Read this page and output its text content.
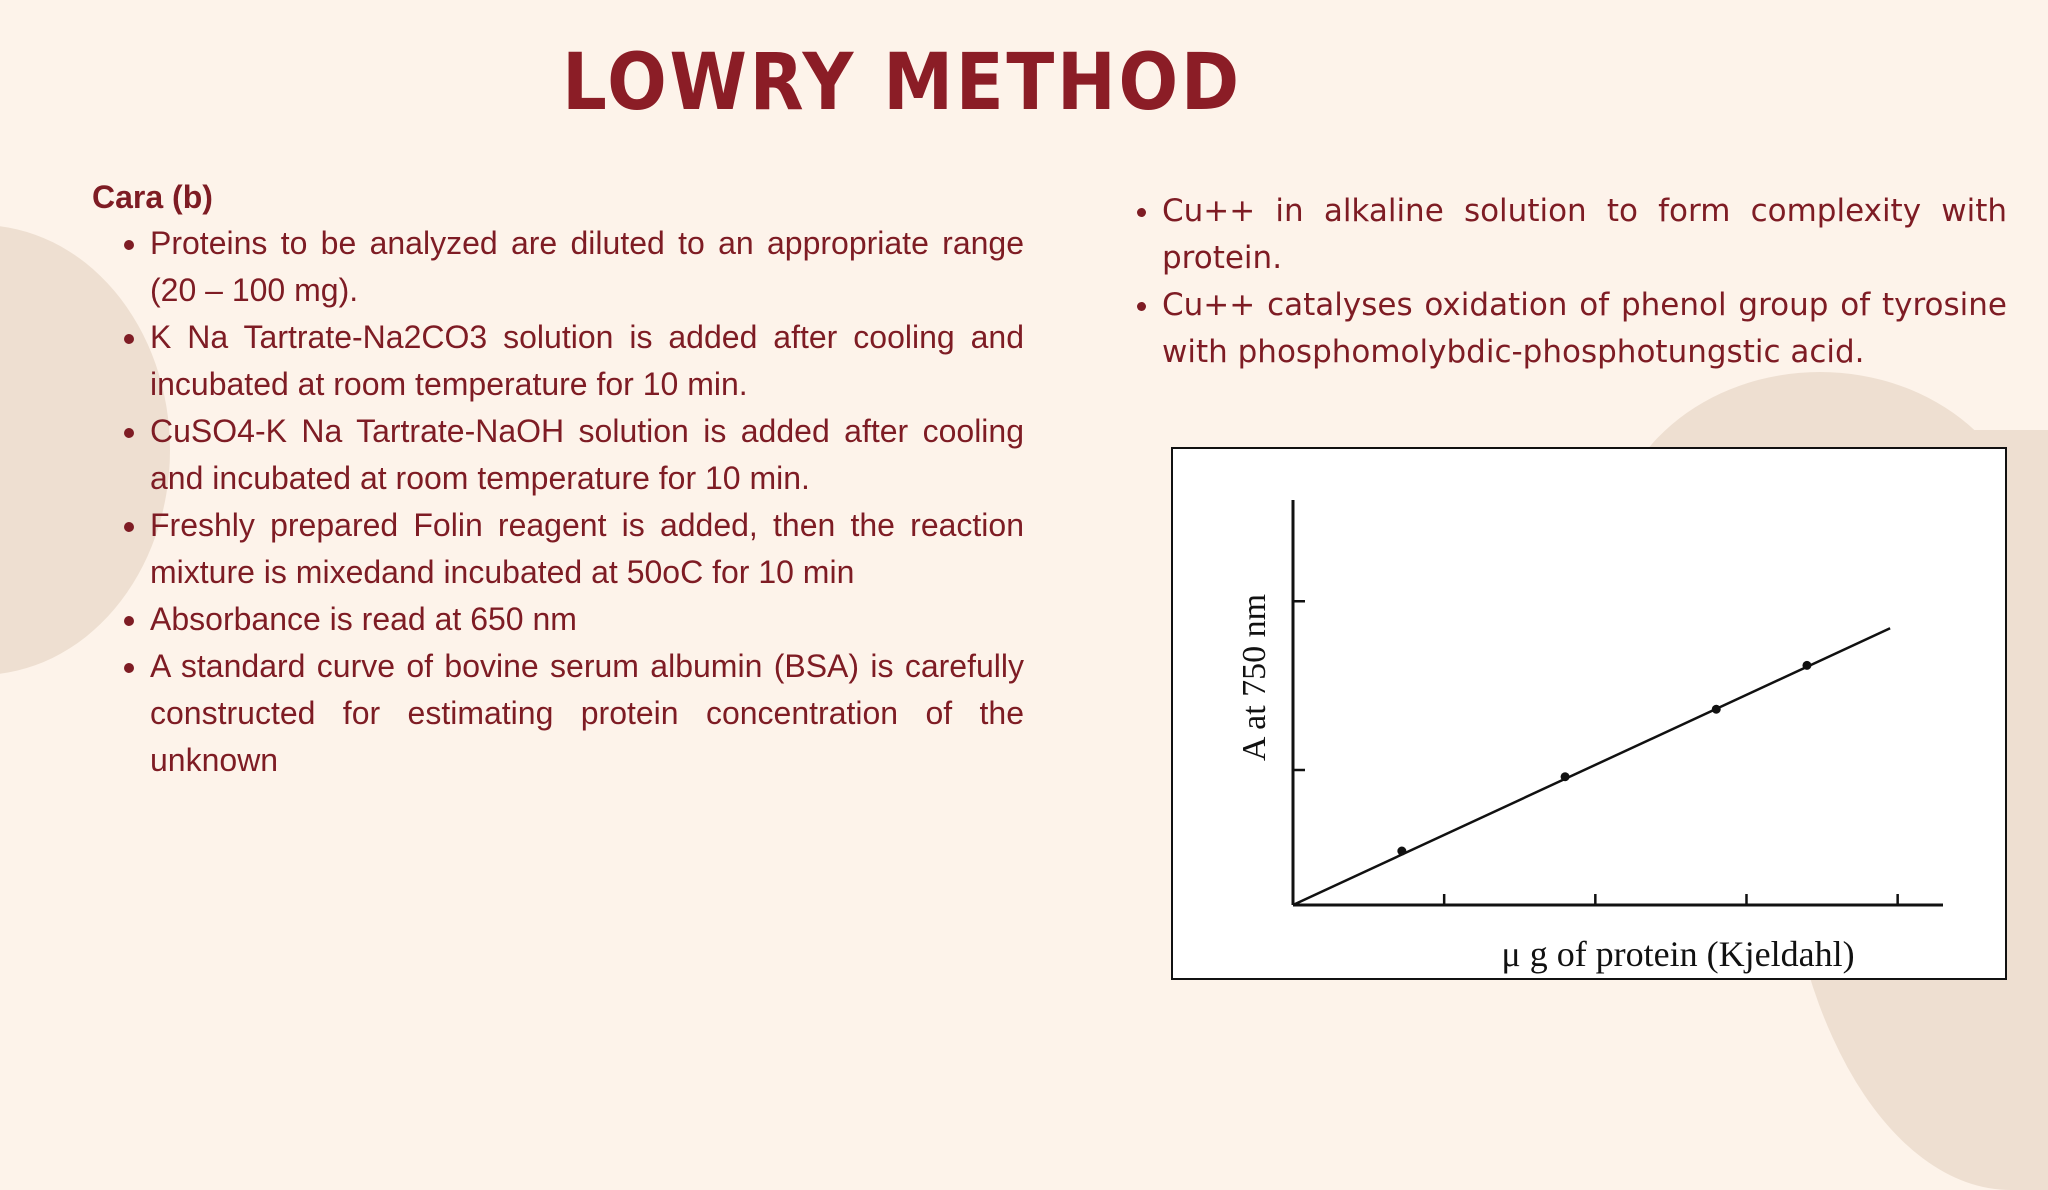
LOWRY METHOD

Cara (b)

• Proteins to be analyzed are diluted to an appropriate range (20 – 100 mg).
• K Na Tartrate-Na2CO3 solution is added after cooling and incubated at room temperature for 10 min.
• CuSO4-K Na Tartrate-NaOH solution is added after cooling and incubated at room temperature for 10 min.
• Freshly prepared Folin reagent is added, then the reaction mixture is mixedand incubated at 50oC for 10 min
• Absorbance is read at 650 nm
• A standard curve of bovine serum albumin (BSA) is carefully constructed for estimating protein concentration of the unknown
• Cu++ in alkaline solution to form complexity with protein.
• Cu++ catalyses oxidation of phenol group of tyrosine with phosphomolybdic-phosphotungstic acid.
A at 750 nm
μ g of protein (Kjeldahl)
